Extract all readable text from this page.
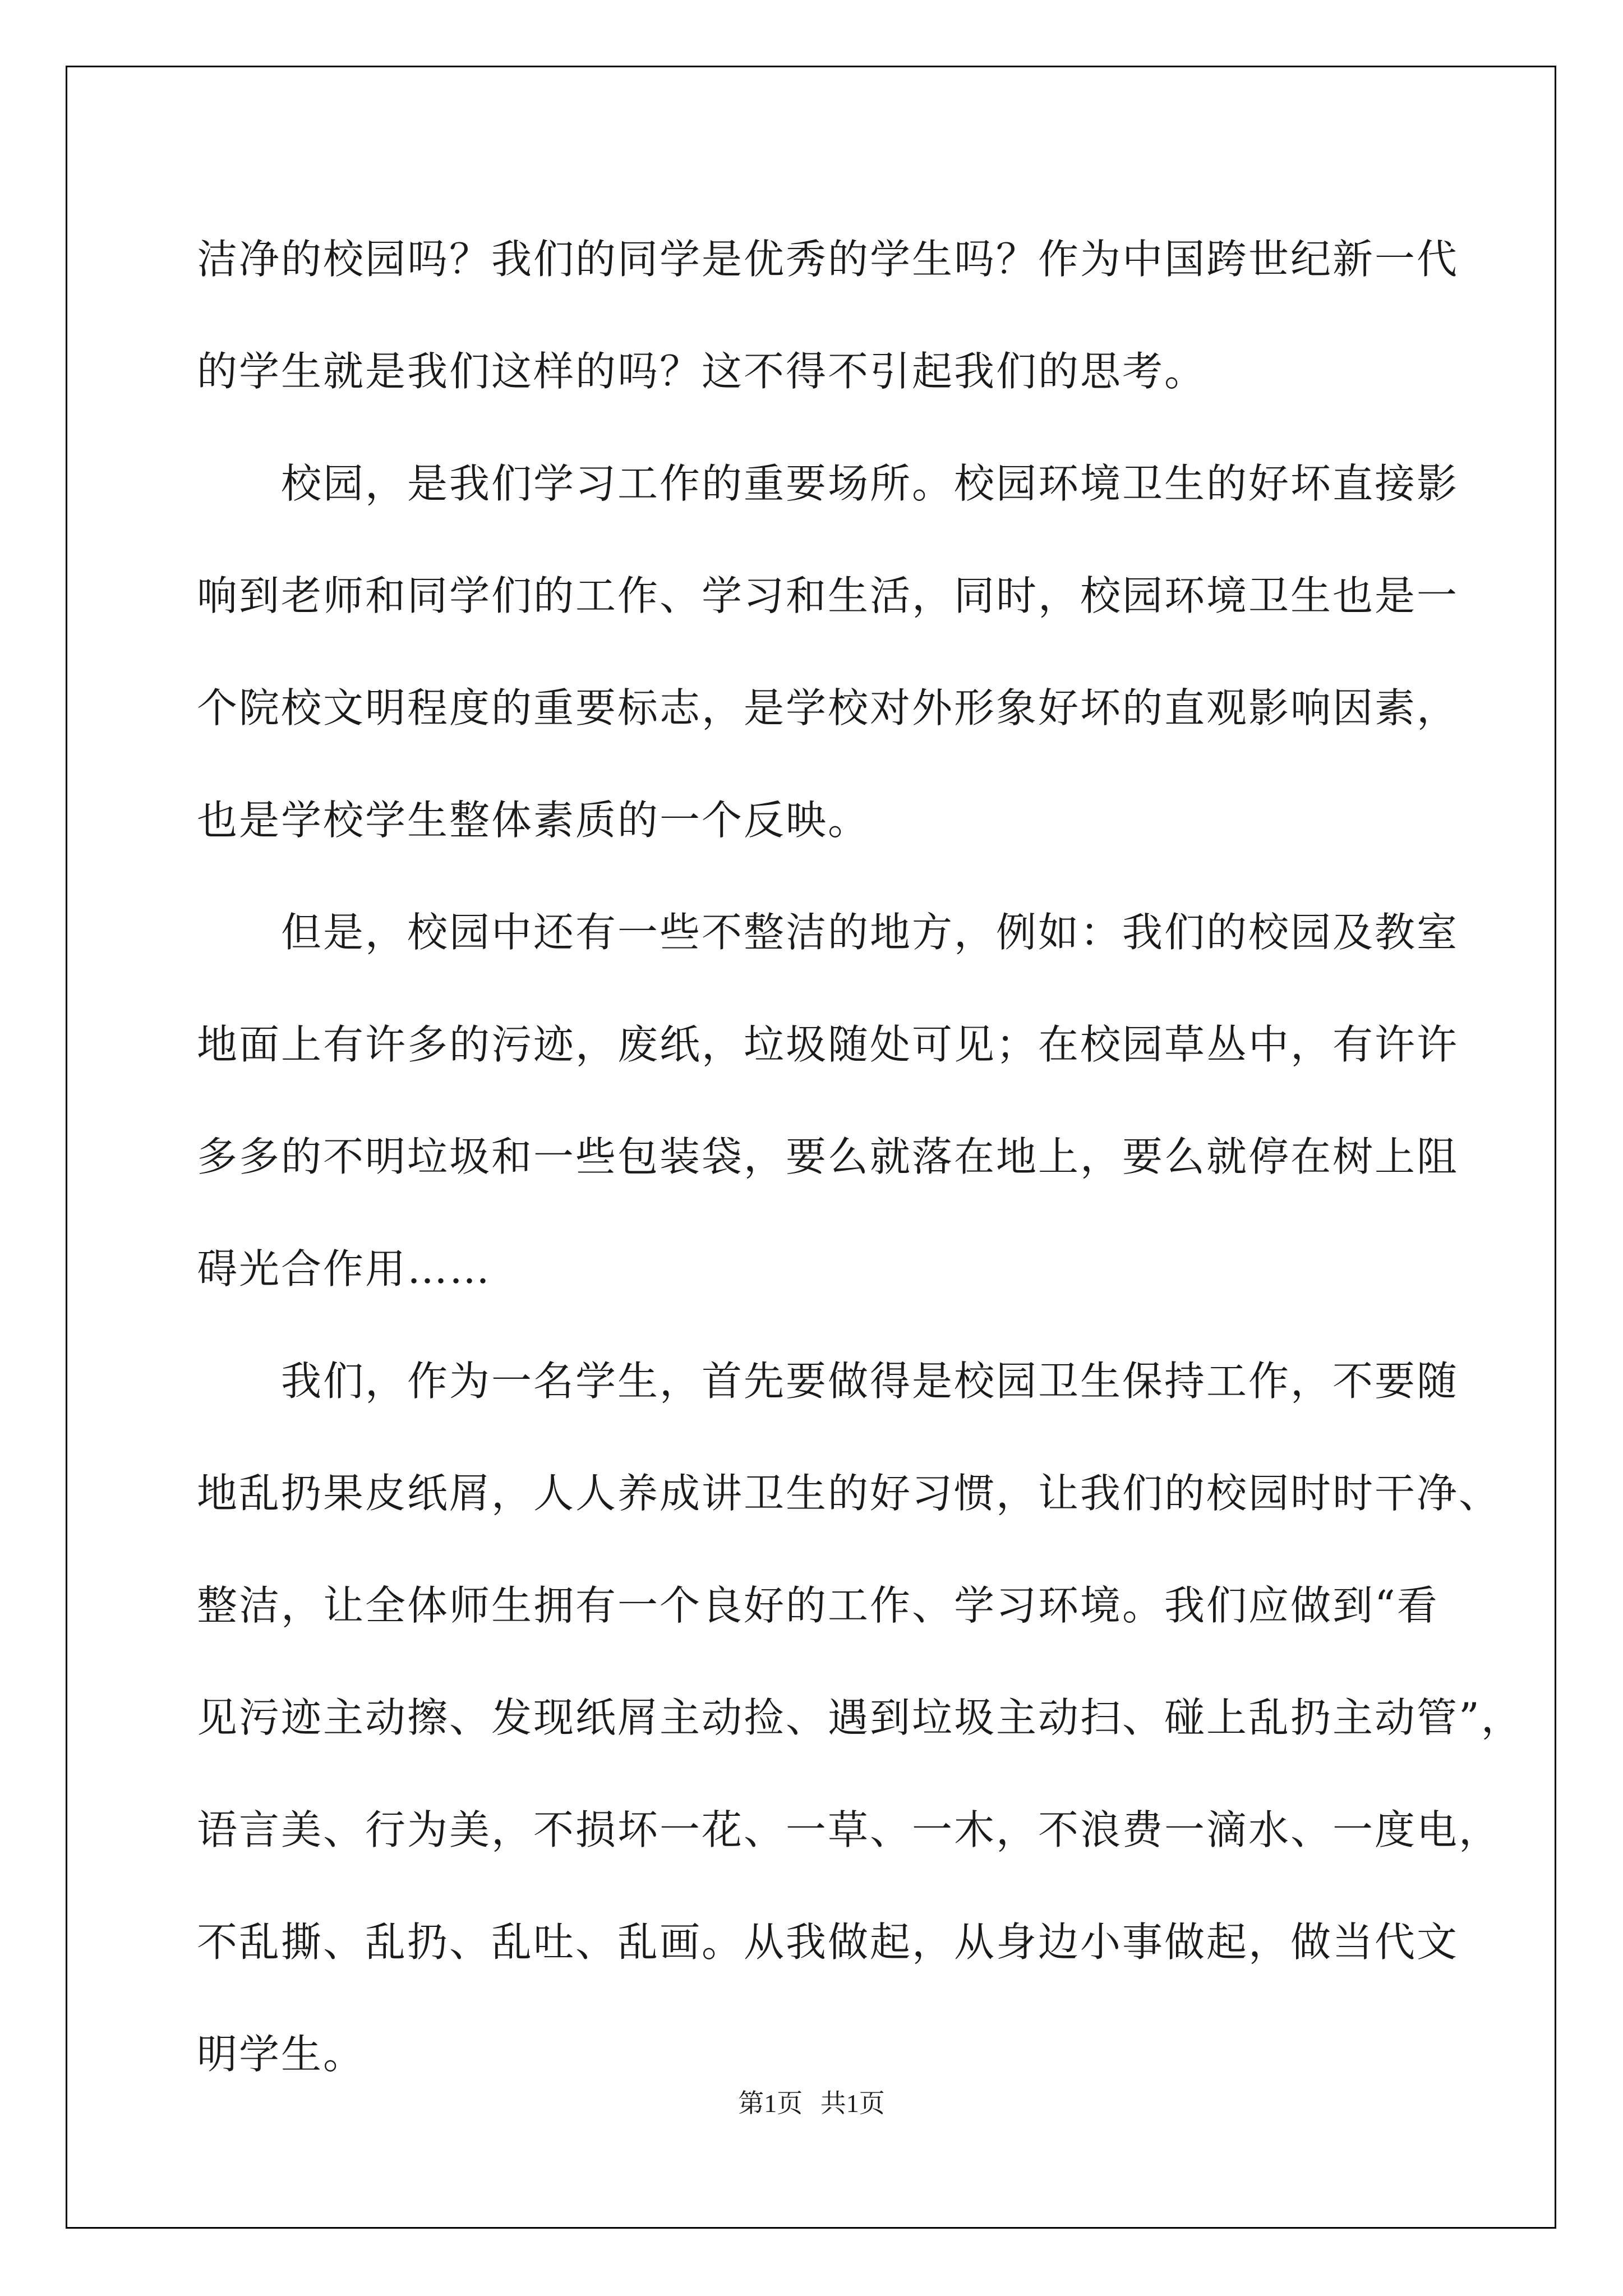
洁净的校园吗？我们的同学是优秀的学生吗？作为中国跨世纪新一代
的学生就是我们这样的吗？这不得不引起我们的思考。
　　校园，是我们学习工作的重要场所。校园环境卫生的好坏直接影
响到老师和同学们的工作、学习和生活，同时，校园环境卫生也是一
个院校文明程度的重要标志，是学校对外形象好坏的直观影响因素，
也是学校学生整体素质的一个反映。
　　但是，校园中还有一些不整洁的地方，例如：我们的校园及教室
地面上有许多的污迹，废纸，垃圾随处可见；在校园草丛中，有许许
多多的不明垃圾和一些包装袋，要么就落在地上，要么就停在树上阻
碍光合作用……
　　我们，作为一名学生，首先要做得是校园卫生保持工作，不要随
地乱扔果皮纸屑，人人养成讲卫生的好习惯，让我们的校园时时干净、
整洁，让全体师生拥有一个良好的工作、学习环境。我们应做到“看
见污迹主动擦、发现纸屑主动捡、遇到垃圾主动扫、碰上乱扔主动管”，
语言美、行为美，不损坏一花、一草、一木，不浪费一滴水、一度电，
不乱撕、乱扔、乱吐、乱画。从我做起，从身边小事做起，做当代文
明学生。
第1页 共1页
